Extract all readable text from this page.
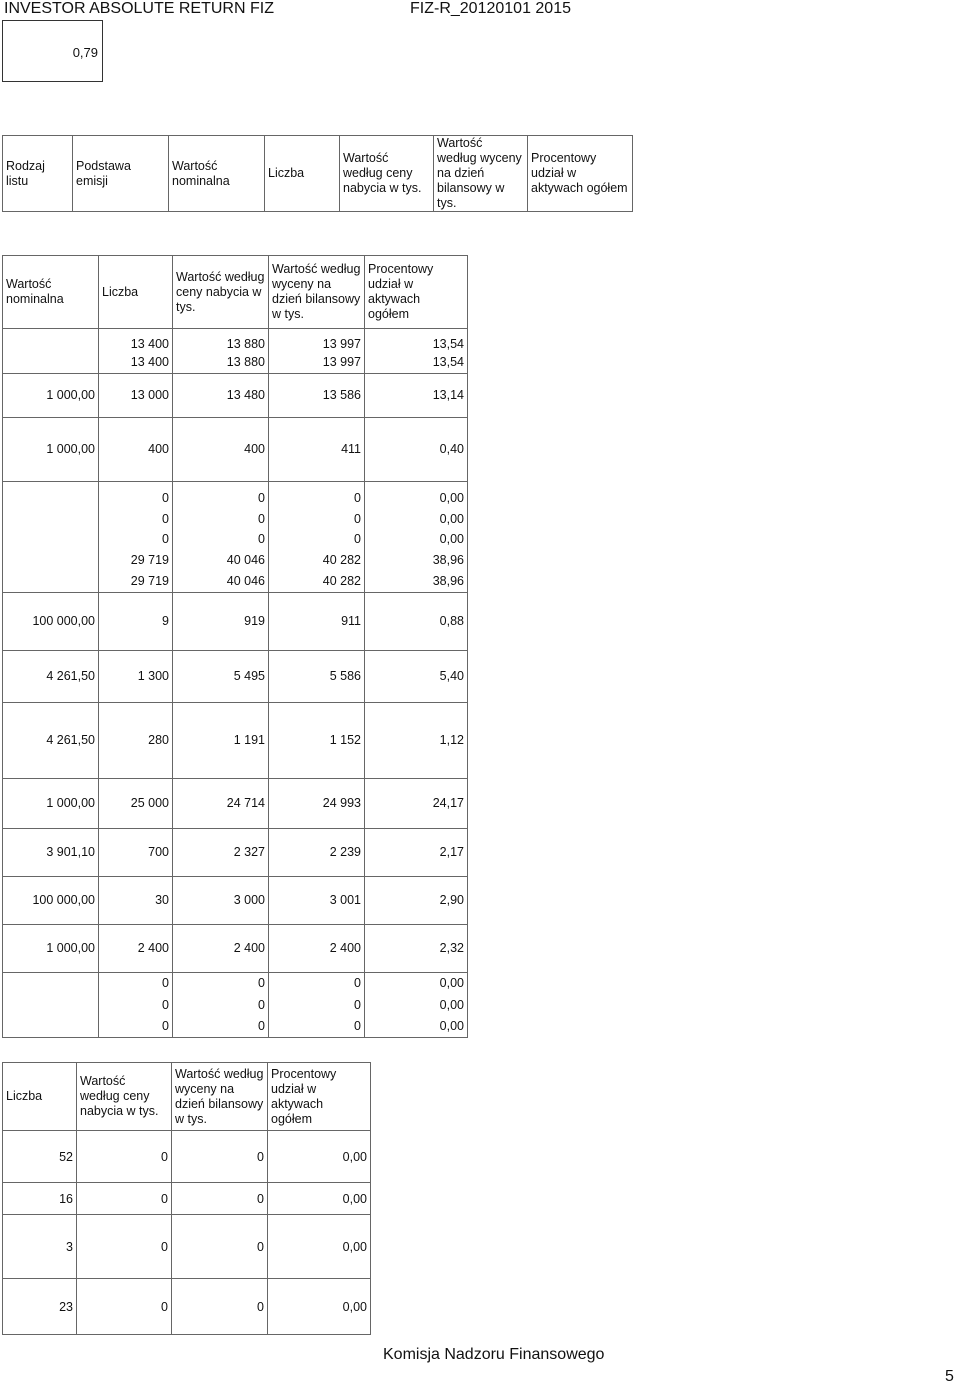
INVESTOR ABSOLUTE RETURN FIZ	FIZ-R_20120101 2015
0,79
Rodzaj listu	Podstawa emisji	Wartość nominalna	Liczba	Wartość według ceny nabycia w tys.	Wartość według wyceny na dzień bilansowy w tys.	Procentowy udział w aktywach ogółem
Wartość nominalna	Liczba	Wartość według ceny nabycia w tys.	Wartość według wyceny na dzień bilansowy w tys.	Procentowy udział w aktywach ogółem
	13 400	13 880	13 997	13,54
	13 400	13 880	13 997	13,54
1 000,00	13 000	13 480	13 586	13,14
1 000,00	400	400	411	0,40
	0	0	0	0,00
	0	0	0	0,00
	0	0	0	0,00
	29 719	40 046	40 282	38,96
	29 719	40 046	40 282	38,96
100 000,00	9	919	911	0,88
4 261,50	1 300	5 495	5 586	5,40
4 261,50	280	1 191	1 152	1,12
1 000,00	25 000	24 714	24 993	24,17
3 901,10	700	2 327	2 239	2,17
100 000,00	30	3 000	3 001	2,90
1 000,00	2 400	2 400	2 400	2,32
	0	0	0	0,00
	0	0	0	0,00
	0	0	0	0,00
Liczba	Wartość według ceny nabycia w tys.	Wartość według wyceny na dzień bilansowy w tys.	Procentowy udział w aktywach ogółem
52	0	0	0,00
16	0	0	0,00
3	0	0	0,00
23	0	0	0,00
Komisja Nadzoru Finansowego
5
